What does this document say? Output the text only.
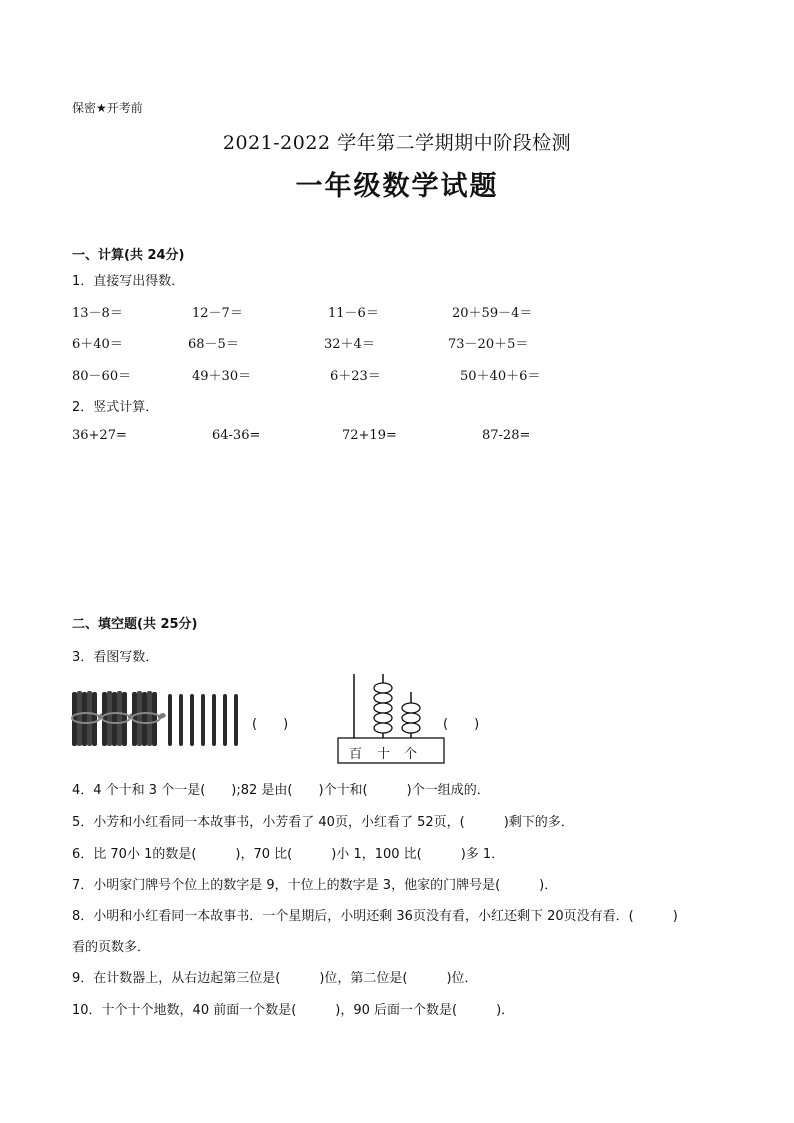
保密★开考前
2021-2022 学年第二学期期中阶段检测
一年级数学试题
一、计算(共 24分)
1．直接写出得数．
13－8＝	12－7＝	11－6＝	20＋59－4＝
6＋40＝	68－5＝	32＋4＝	73－20＋5＝
80－60＝	49＋30＝	6＋23＝	50＋40＋6＝
2．竖式计算．
36+27=	64-36=	72+19=	87-28=
二、填空题(共 25分)
3．看图写数．
(　　)
百 十 个
(　　)
4．4 个十和 3 个一是(　　);82 是由(　　)个十和(　　　)个一组成的．
5．小芳和小红看同一本故事书，小芳看了 40页，小红看了 52页，(　　　)剩下的多．
6．比 70小 1的数是(　　　)，70 比(　　　)小 1，100 比(　　　)多 1．
7．小明家门牌号个位上的数字是 9，十位上的数字是 3，他家的门牌号是(　　　)．
8．小明和小红看同一本故事书．一个星期后，小明还剩 36页没有看，小红还剩下 20页没有看．(　　　)
看的页数多．
9．在计数器上，从右边起第三位是(　　　)位，第二位是(　　　)位．
10．十个十个地数，40 前面一个数是(　　　)，90 后面一个数是(　　　)．
